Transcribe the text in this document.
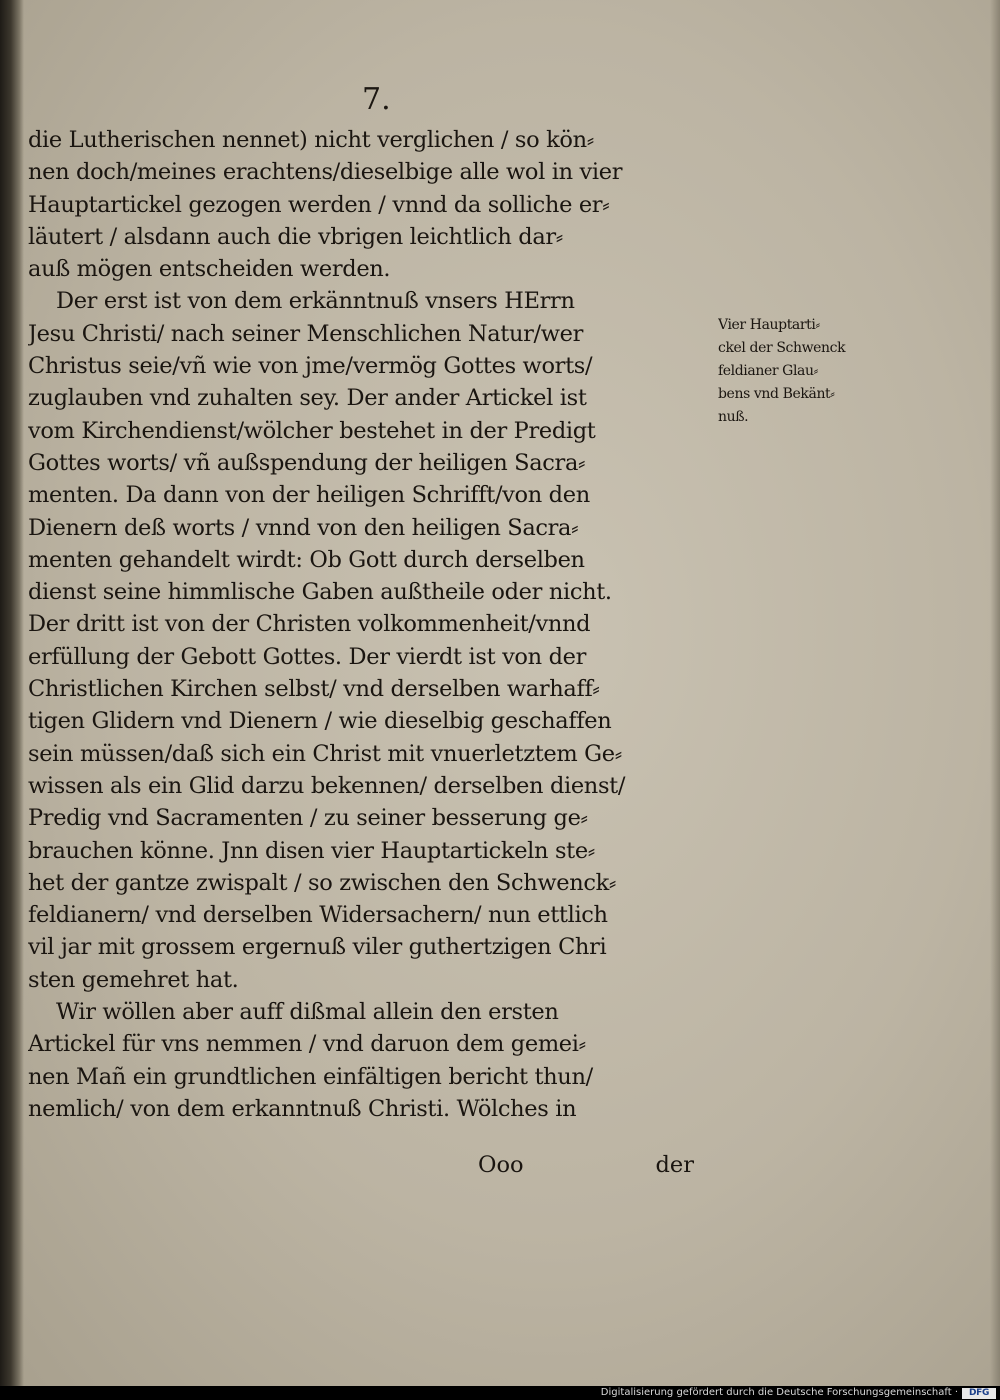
7.

die Lutherischen nennet) nicht verglichen / so kön⸗
nen doch/meines erachtens/dieselbige alle wol in vier
Hauptartickel gezogen werden / vnnd da solliche er⸗
läutert / alsdann auch die vbrigen leichtlich dar⸗
auß mögen entscheiden werden.
Der erst ist von dem erkänntnuß vnsers HErrn
Jesu Christi/ nach seiner Menschlichen Natur/wer
Christus seie/vñ wie von jme/vermög Gottes worts/
zuglauben vnd zuhalten sey. Der ander Artickel ist
vom Kirchendienst/wölcher bestehet in der Predigt
Gottes worts/ vñ außspendung der heiligen Sacra⸗
menten. Da dann von der heiligen Schrifft/von den
Dienern deß worts / vnnd von den heiligen Sacra⸗
menten gehandelt wirdt: Ob Gott durch derselben
dienst seine himmlische Gaben außtheile oder nicht.
Der dritt ist von der Christen volkommenheit/vnnd
erfüllung der Gebott Gottes. Der vierdt ist von der
Christlichen Kirchen selbst/ vnd derselben warhaff⸗
tigen Glidern vnd Dienern / wie dieselbig geschaffen
sein müssen/daß sich ein Christ mit vnuerletztem Ge⸗
wissen als ein Glid darzu bekennen/ derselben dienst/
Predig vnd Sacramenten / zu seiner besserung ge⸗
brauchen könne. Jnn disen vier Hauptartickeln ste⸗
het der gantze zwispalt / so zwischen den Schwenck⸗
feldianern/ vnd derselben Widersachern/ nun ettlich
vil jar mit grossem ergernuß viler guthertzigen Chri
sten gemehret hat.
Wir wöllen aber auff dißmal allein den ersten
Artickel für vns nemmen / vnd daruon dem gemei⸗
nen Mañ ein grundtlichen einfältigen bericht thun/
nemlich/ von dem erkanntnuß Christi. Wölches in
Vier Hauptarti⸗
ckel der Schwenck
feldianer Glau⸗
bens vnd Bekänt⸗
nuß.
Ooo	der
Digitalisierung gefördert durch die Deutsche Forschungsgemeinschaft ·	DFG
